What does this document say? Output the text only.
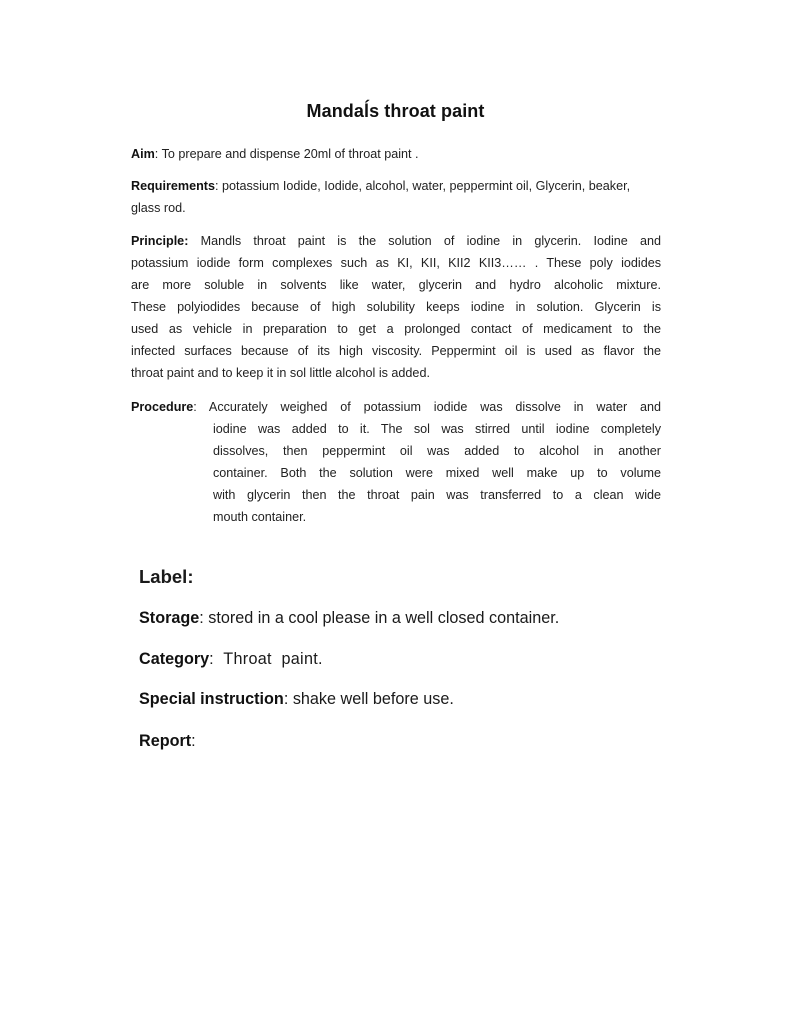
Mandaĺs throat paint
Aim: To prepare and dispense 20ml of throat paint .
Requirements: potassium Iodide, Iodide, alcohol, water, peppermint oil, Glycerin, beaker, glass rod.
Principle: Mandls throat paint is the solution of iodine in glycerin. Iodine and
potassium iodide form complexes such as KI, KII, KII2 KII3…… . These poly iodides
are more soluble in solvents like water, glycerin and hydro alcoholic mixture.
These polyiodides because of high solubility keeps iodine in solution. Glycerin is
used as vehicle in preparation to get a prolonged contact of medicament to the
infected surfaces because of its high viscosity. Peppermint oil is used as flavor the
throat paint and to keep it in sol little alcohol is added.
Procedure: Accurately weighed of potassium iodide was dissolve in water and
iodine was added to it. The sol was stirred until iodine completely
dissolves, then peppermint oil was added to alcohol in another
container. Both the solution were mixed well make up to volume
with glycerin then the throat pain was transferred to a clean wide
mouth container.
Label:
Storage: stored in a cool please in a well closed container.
Category:  Throat  paint.
Special instruction: shake well before use.
Report:
